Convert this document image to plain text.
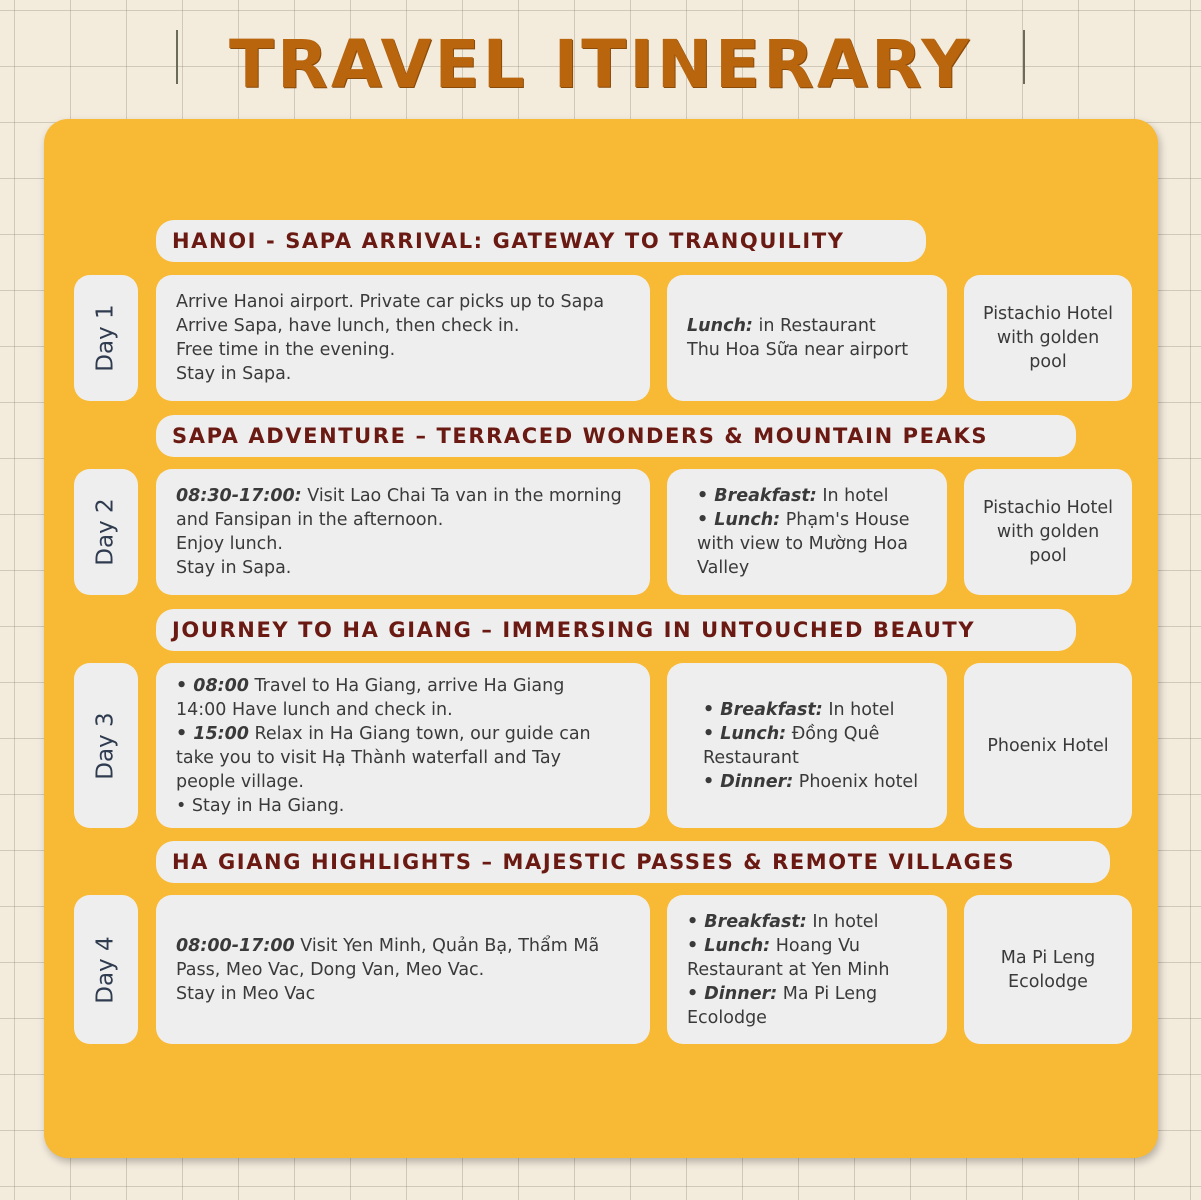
TRAVEL ITINERARY
HANOI - SAPA ARRIVAL: GATEWAY TO TRANQUILITY
Day 1
Arrive Hanoi airport. Private car picks up to Sapa
Arrive Sapa, have lunch, then check in.
Free time in the evening.
Stay in Sapa.
Lunch: in Restaurant
Thu Hoa Sữa near airport
Pistachio Hotel with golden pool
SAPA ADVENTURE – TERRACED WONDERS & MOUNTAIN PEAKS
Day 2
08:30-17:00: Visit Lao Chai Ta van in the morning
and Fansipan in the afternoon.
Enjoy lunch.
Stay in Sapa.
• Breakfast: In hotel
• Lunch: Phạm's House
with view to Mường Hoa
Valley
Pistachio Hotel with golden pool
JOURNEY TO HA GIANG – IMMERSING IN UNTOUCHED BEAUTY
Day 3
• 08:00 Travel to Ha Giang, arrive Ha Giang
14:00 Have lunch and check in.
• 15:00 Relax in Ha Giang town, our guide can
take you to visit Hạ Thành waterfall and Tay
people village.
• Stay in Ha Giang.
• Breakfast: In hotel
• Lunch: Đồng Quê
Restaurant
• Dinner: Phoenix hotel
Phoenix Hotel
HA GIANG HIGHLIGHTS – MAJESTIC PASSES & REMOTE VILLAGES
Day 4	08:00-17:00 Visit Yen Minh, Quản Bạ, Thẩm Mã
Pass, Meo Vac, Dong Van, Meo Vac.
Stay in Meo Vac
• Breakfast: In hotel
• Lunch: Hoang Vu
Restaurant at Yen Minh
• Dinner: Ma Pi Leng
Ecolodge
Ma Pi Leng Ecolodge
